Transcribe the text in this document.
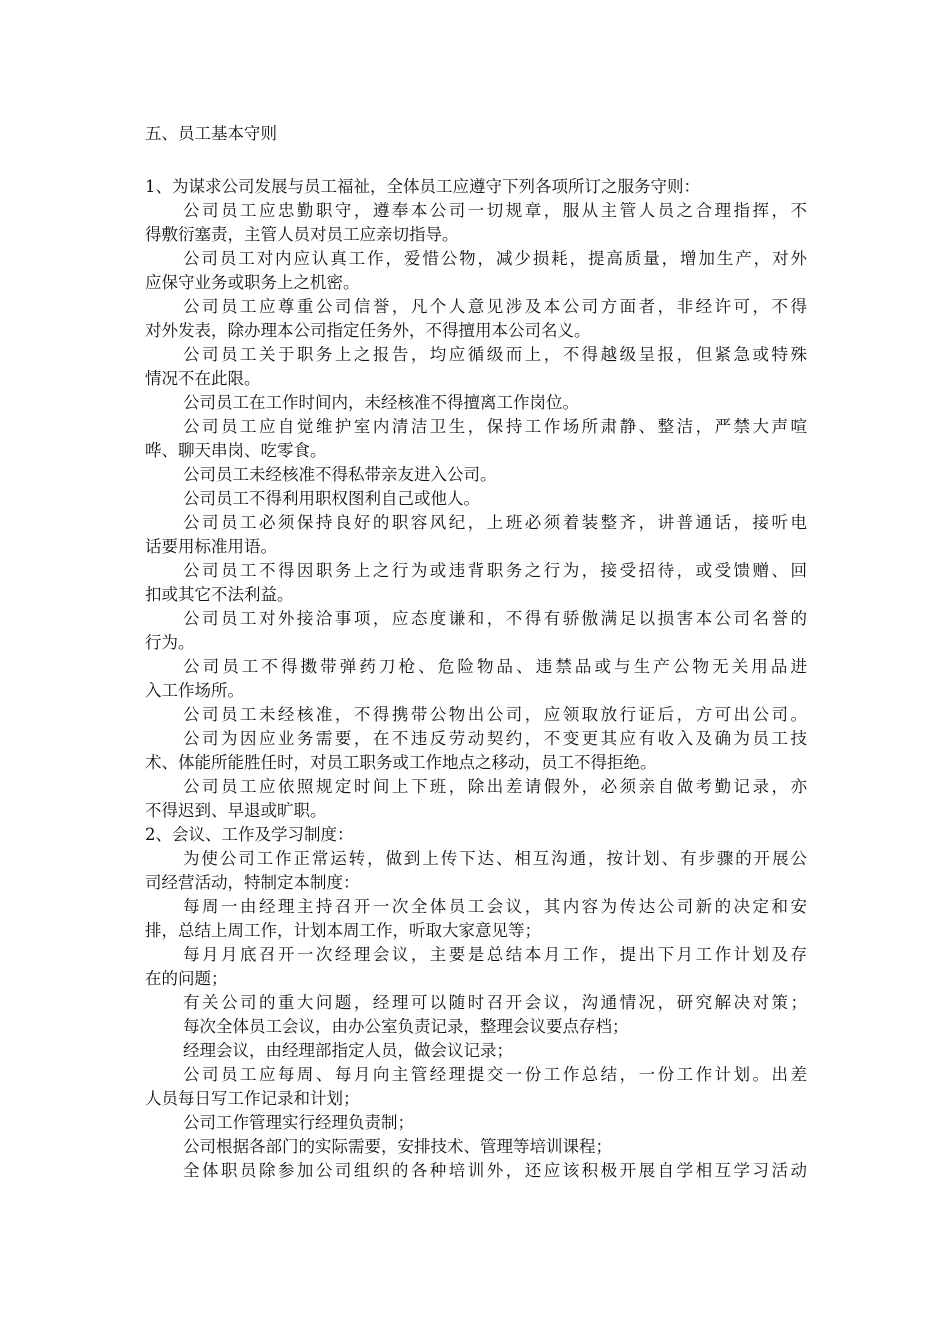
五、员工基本守则

1、为谋求公司发展与员工福祉，全体员工应遵守下列各项所订之服务守则：

公司员工应忠勤职守，遵奉本公司一切规章，服从主管人员之合理指挥，不

得敷衍塞责，主管人员对员工应亲切指导。

公司员工对内应认真工作，爱惜公物，减少损耗，提高质量，增加生产，对外

应保守业务或职务上之机密。

公司员工应尊重公司信誉，凡个人意见涉及本公司方面者，非经许可，不得

对外发表，除办理本公司指定任务外，不得擅用本公司名义。

公司员工关于职务上之报告，均应循级而上，不得越级呈报，但紧急或特殊

情况不在此限。

公司员工在工作时间内，未经核准不得擅离工作岗位。

公司员工应自觉维护室内清洁卫生，保持工作场所肃静、整洁，严禁大声喧

哗、聊天串岗、吃零食。

公司员工未经核准不得私带亲友进入公司。

公司员工不得利用职权图利自己或他人。

公司员工必须保持良好的职容风纪，上班必须着装整齐，讲普通话，接听电

话要用标准用语。

公司员工不得因职务上之行为或违背职务之行为，接受招待，或受馈赠、回

扣或其它不法利益。

公司员工对外接洽事项，应态度谦和，不得有骄傲满足以损害本公司名誉的

行为。

公司员工不得擞带弹药刀枪、危险物品、违禁品或与生产公物无关用品进

入工作场所。

公司员工未经核准，不得携带公物出公司，应领取放行证后，方可出公司。

公司为因应业务需要，在不违反劳动契约，不变更其应有收入及确为员工技

术、体能所能胜任时，对员工职务或工作地点之移动，员工不得拒绝。

公司员工应依照规定时间上下班，除出差请假外，必须亲自做考勤记录，亦

不得迟到、早退或旷职。

2、会议、工作及学习制度：

为使公司工作正常运转，做到上传下达、相互沟通，按计划、有步骤的开展公

司经营活动，特制定本制度：

每周一由经理主持召开一次全体员工会议，其内容为传达公司新的决定和安

排，总结上周工作，计划本周工作，听取大家意见等；

每月月底召开一次经理会议，主要是总结本月工作，提出下月工作计划及存

在的问题；

有关公司的重大问题，经理可以随时召开会议，沟通情况，研究解决对策；

每次全体员工会议，由办公室负责记录，整理会议要点存档；

经理会议，由经理部指定人员，做会议记录；

公司员工应每周、每月向主管经理提交一份工作总结，一份工作计划。出差

人员每日写工作记录和计划；

公司工作管理实行经理负责制；

公司根据各部门的实际需要，安排技术、管理等培训课程；

全体职员除参加公司组织的各种培训外，还应该积极开展自学相互学习活动
